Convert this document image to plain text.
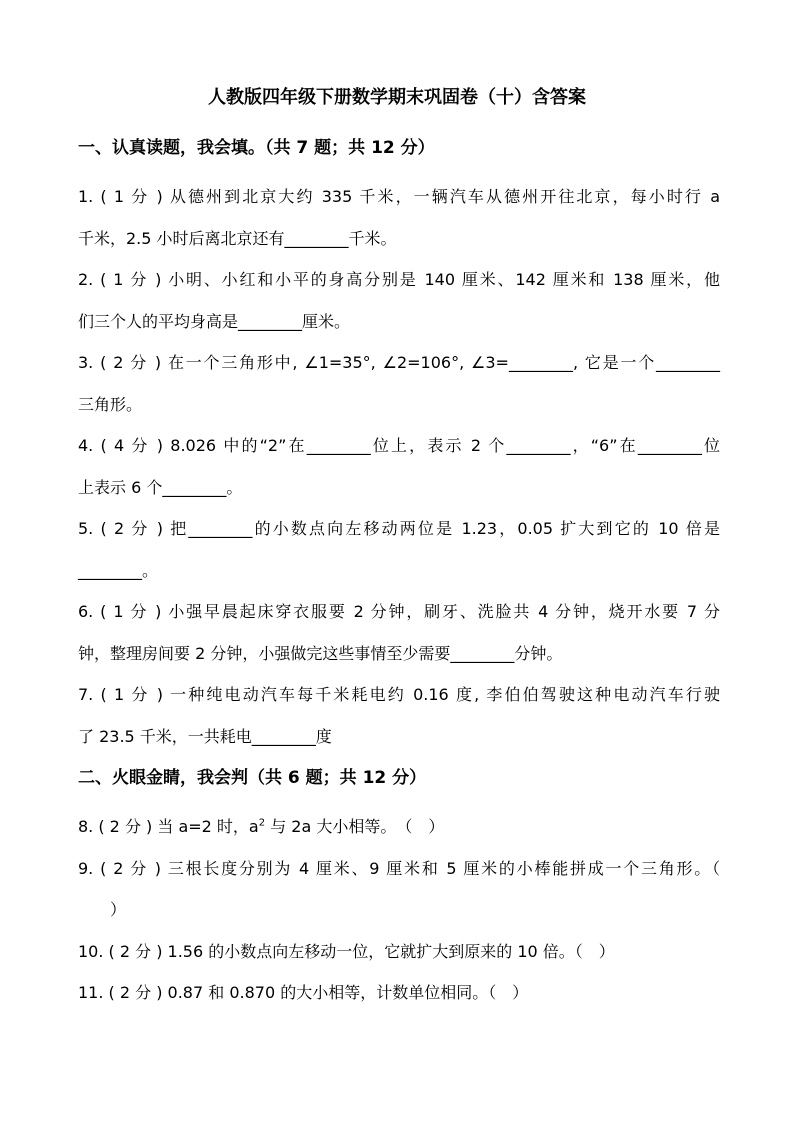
人教版四年级下册数学期末巩固卷（十）含答案
一、认真读题，我会填。（共 7 题；共 12 分）
1. ( 1 分 ) 从德州到北京大约 335 千米，一辆汽车从德州开往北京，每小时行 a
千米，2.5 小时后离北京还有________千米。
2. ( 1 分 ) 小明、小红和小平的身高分别是 140 厘米、142 厘米和 138 厘米，他
们三个人的平均身高是________厘米。
3. ( 2 分 ) 在一个三角形中, ∠1=35°, ∠2=106°, ∠3=________, 它是一个________
三角形。
4. ( 4 分 ) 8.026 中的“2”在________位上，表示 2 个________，“6”在________位
上表示 6 个________。
5. ( 2 分 ) 把________的小数点向左移动两位是 1.23，0.05 扩大到它的 10 倍是
________。
6. ( 1 分 ) 小强早晨起床穿衣服要 2 分钟，刷牙、洗脸共 4 分钟，烧开水要 7 分
钟，整理房间要 2 分钟，小强做完这些事情至少需要________分钟。
7. ( 1 分 ) 一种纯电动汽车每千米耗电约 0.16 度, 李伯伯驾驶这种电动汽车行驶
了 23.5 千米，一共耗电________度
二、火眼金睛，我会判（共 6 题；共 12 分）
8. ( 2 分 ) 当 a=2 时，$a^2$ 与 2a 大小相等。　（　）
9. ( 2 分 ) 三根长度分别为 4 厘米、9 厘米和 5 厘米的小棒能拼成一个三角形。（
　）
10. ( 2 分 ) 1.56 的小数点向左移动一位，它就扩大到原来的 10 倍。（　）
11. ( 2 分 ) 0.87 和 0.870 的大小相等，计数单位相同。（　）
